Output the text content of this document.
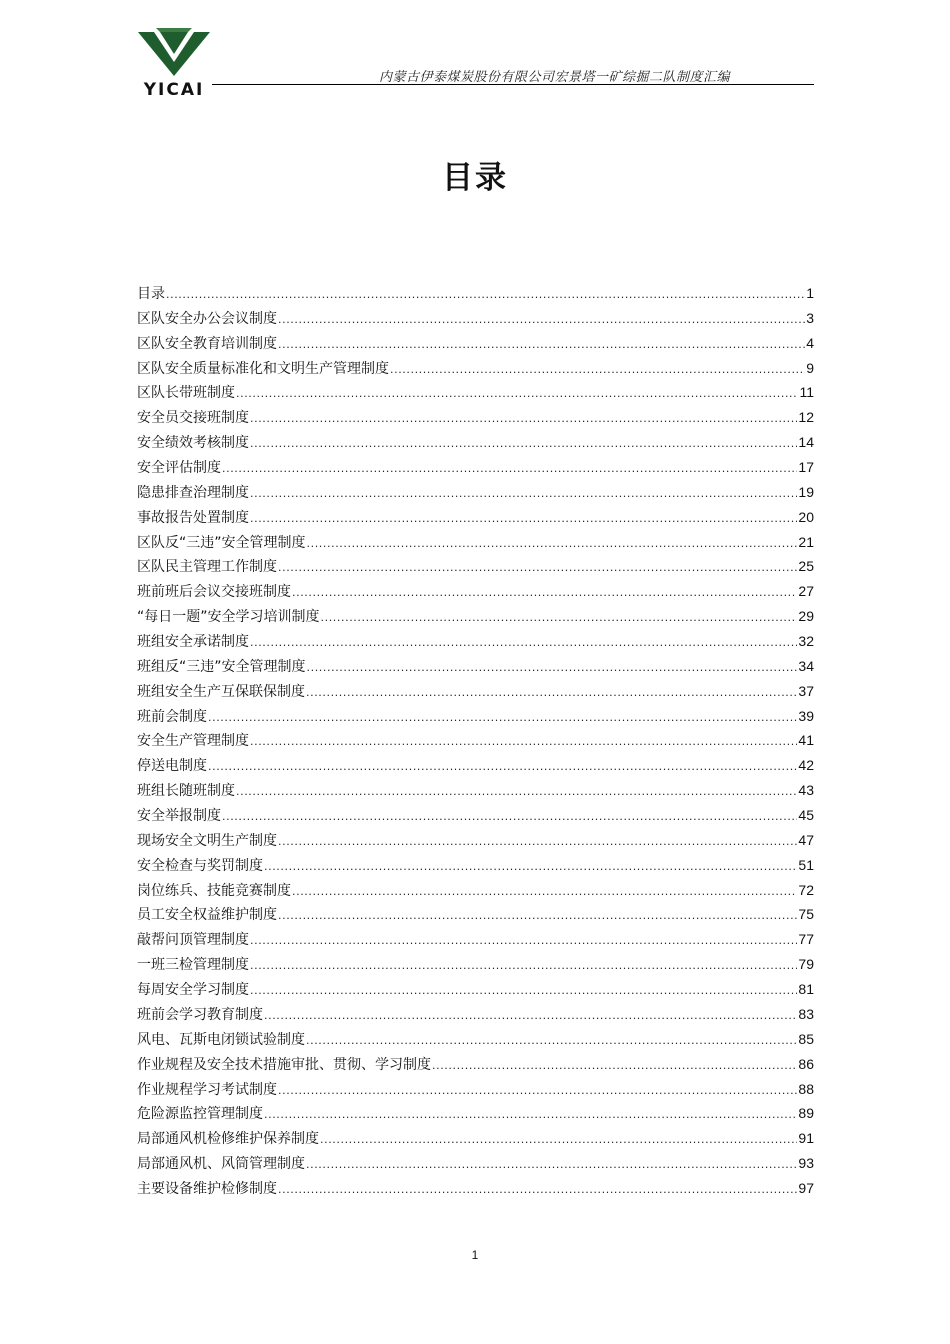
YICAI
内蒙古伊泰煤炭股份有限公司宏景塔一矿综掘二队制度汇编
目录
目录 .....	1
区队安全办公会议制度 .....	3
区队安全教育培训制度 .....	4
区队安全质量标准化和文明生产管理制度 .....	9
区队长带班制度 .....	11
安全员交接班制度 .....	12
安全绩效考核制度 .....	14
安全评估制度 .....	17
隐患排查治理制度 .....	19
事故报告处置制度 .....	20
区队反“三违”安全管理制度 .....	21
区队民主管理工作制度 .....	25
班前班后会议交接班制度 .....	27
“每日一题”安全学习培训制度 .....	29
班组安全承诺制度 .....	32
班组反“三违”安全管理制度 .....	34
班组安全生产互保联保制度 .....	37
班前会制度 .....	39
安全生产管理制度 .....	41
停送电制度 .....	42
班组长随班制度 .....	43
安全举报制度 .....	45
现场安全文明生产制度 .....	47
安全检查与奖罚制度 .....	51
岗位练兵、技能竞赛制度 .....	72
员工安全权益维护制度 .....	75
敲帮问顶管理制度 .....	77
一班三检管理制度 .....	79
每周安全学习制度 .....	81
班前会学习教育制度 .....	83
风电、瓦斯电闭锁试验制度 .....	85
作业规程及安全技术措施审批、贯彻、学习制度 .....	86
作业规程学习考试制度 .....	88
危险源监控管理制度 .....	89
局部通风机检修维护保养制度 .....	91
局部通风机、风筒管理制度 .....	93
主要设备维护检修制度 .....	97
1
